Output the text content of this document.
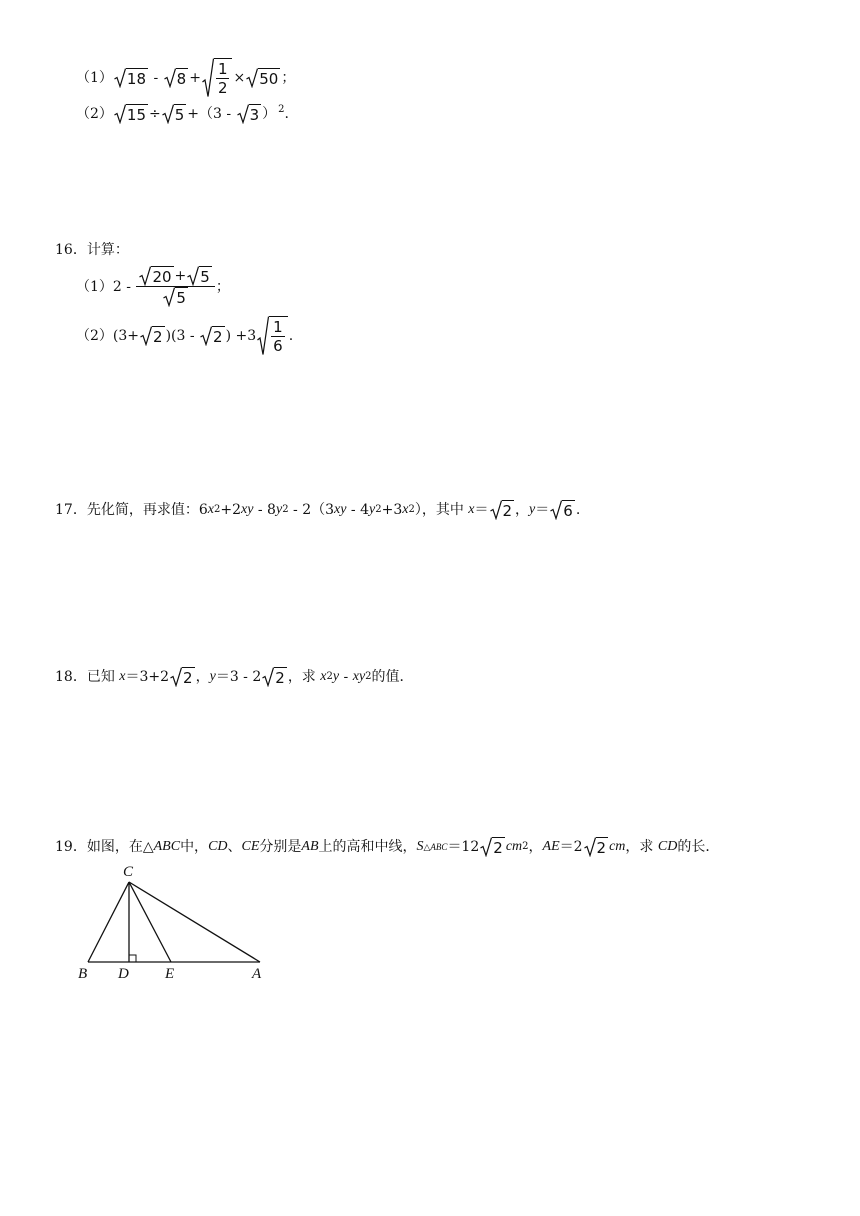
（1） $18 - 8 + \frac{1}{2} \times 50$ ；
（2） 15 ÷ 5 +（3 - 3 ） $^2$ .
16． 计算：
$(1)2 - \frac{20 + 5}{5}$ ；
（2） (3+ 2 )(3 - 2 ) $+3 \frac{1}{6}$ .
17． 先化简，再求值： 6 x 2 +2 x y - 8 y 2 - 2（3 x y - 4 y 2 +3 x 2 ），其中 x ＝ 2 ， y ＝ 6 .
18． 已知 x ＝ 3+2 2 ， y ＝ 3 - 2 2 ，求 x 2 y - x y 2 的值．
19． 如图，在△ ABC 中， CD 、 CE 分别是 AB 上的高和中线， S △ABC ＝12 2 cm 2 ， AE ＝2 2 cm ，求 CD 的长．
C
B D E	A
